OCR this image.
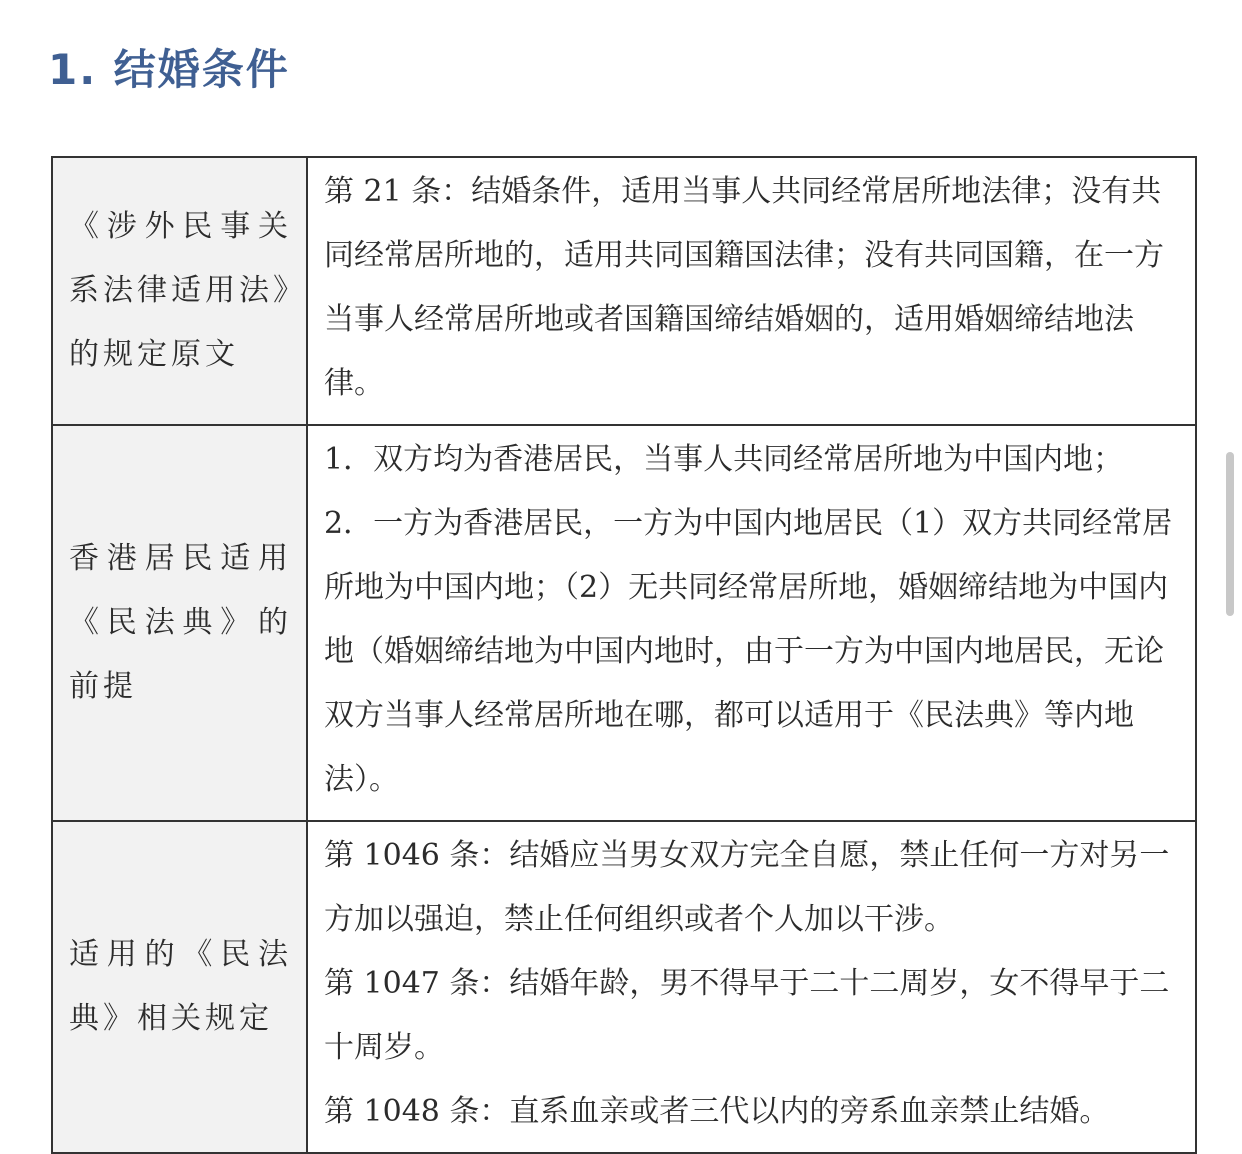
1. 结婚条件
《涉外民事关系法律适用法》的规定原文	第 21 条：结婚条件，适用当事人共同经常居所地法律；没有共同经常居所地的，适用共同国籍国法律；没有共同国籍，在一方当事人经常居所地或者国籍国缔结婚姻的，适用婚姻缔结地法律。

香港居民适用《民法典》的前提	1．双方均为香港居民，当事人共同经常居所地为中国内地；

2．一方为香港居民，一方为中国内地居民（1）双方共同经常居所地为中国内地；（2）无共同经常居所地，婚姻缔结地为中国内地（婚姻缔结地为中国内地时，由于一方为中国内地居民，无论双方当事人经常居所地在哪，都可以适用于《民法典》等内地法）。

适用的《民法典》相关规定	第 1046 条：结婚应当男女双方完全自愿，禁止任何一方对另一方加以强迫，禁止任何组织或者个人加以干涉。

第 1047 条：结婚年龄，男不得早于二十二周岁，女不得早于二十周岁。

第 1048 条：直系血亲或者三代以内的旁系血亲禁止结婚。
